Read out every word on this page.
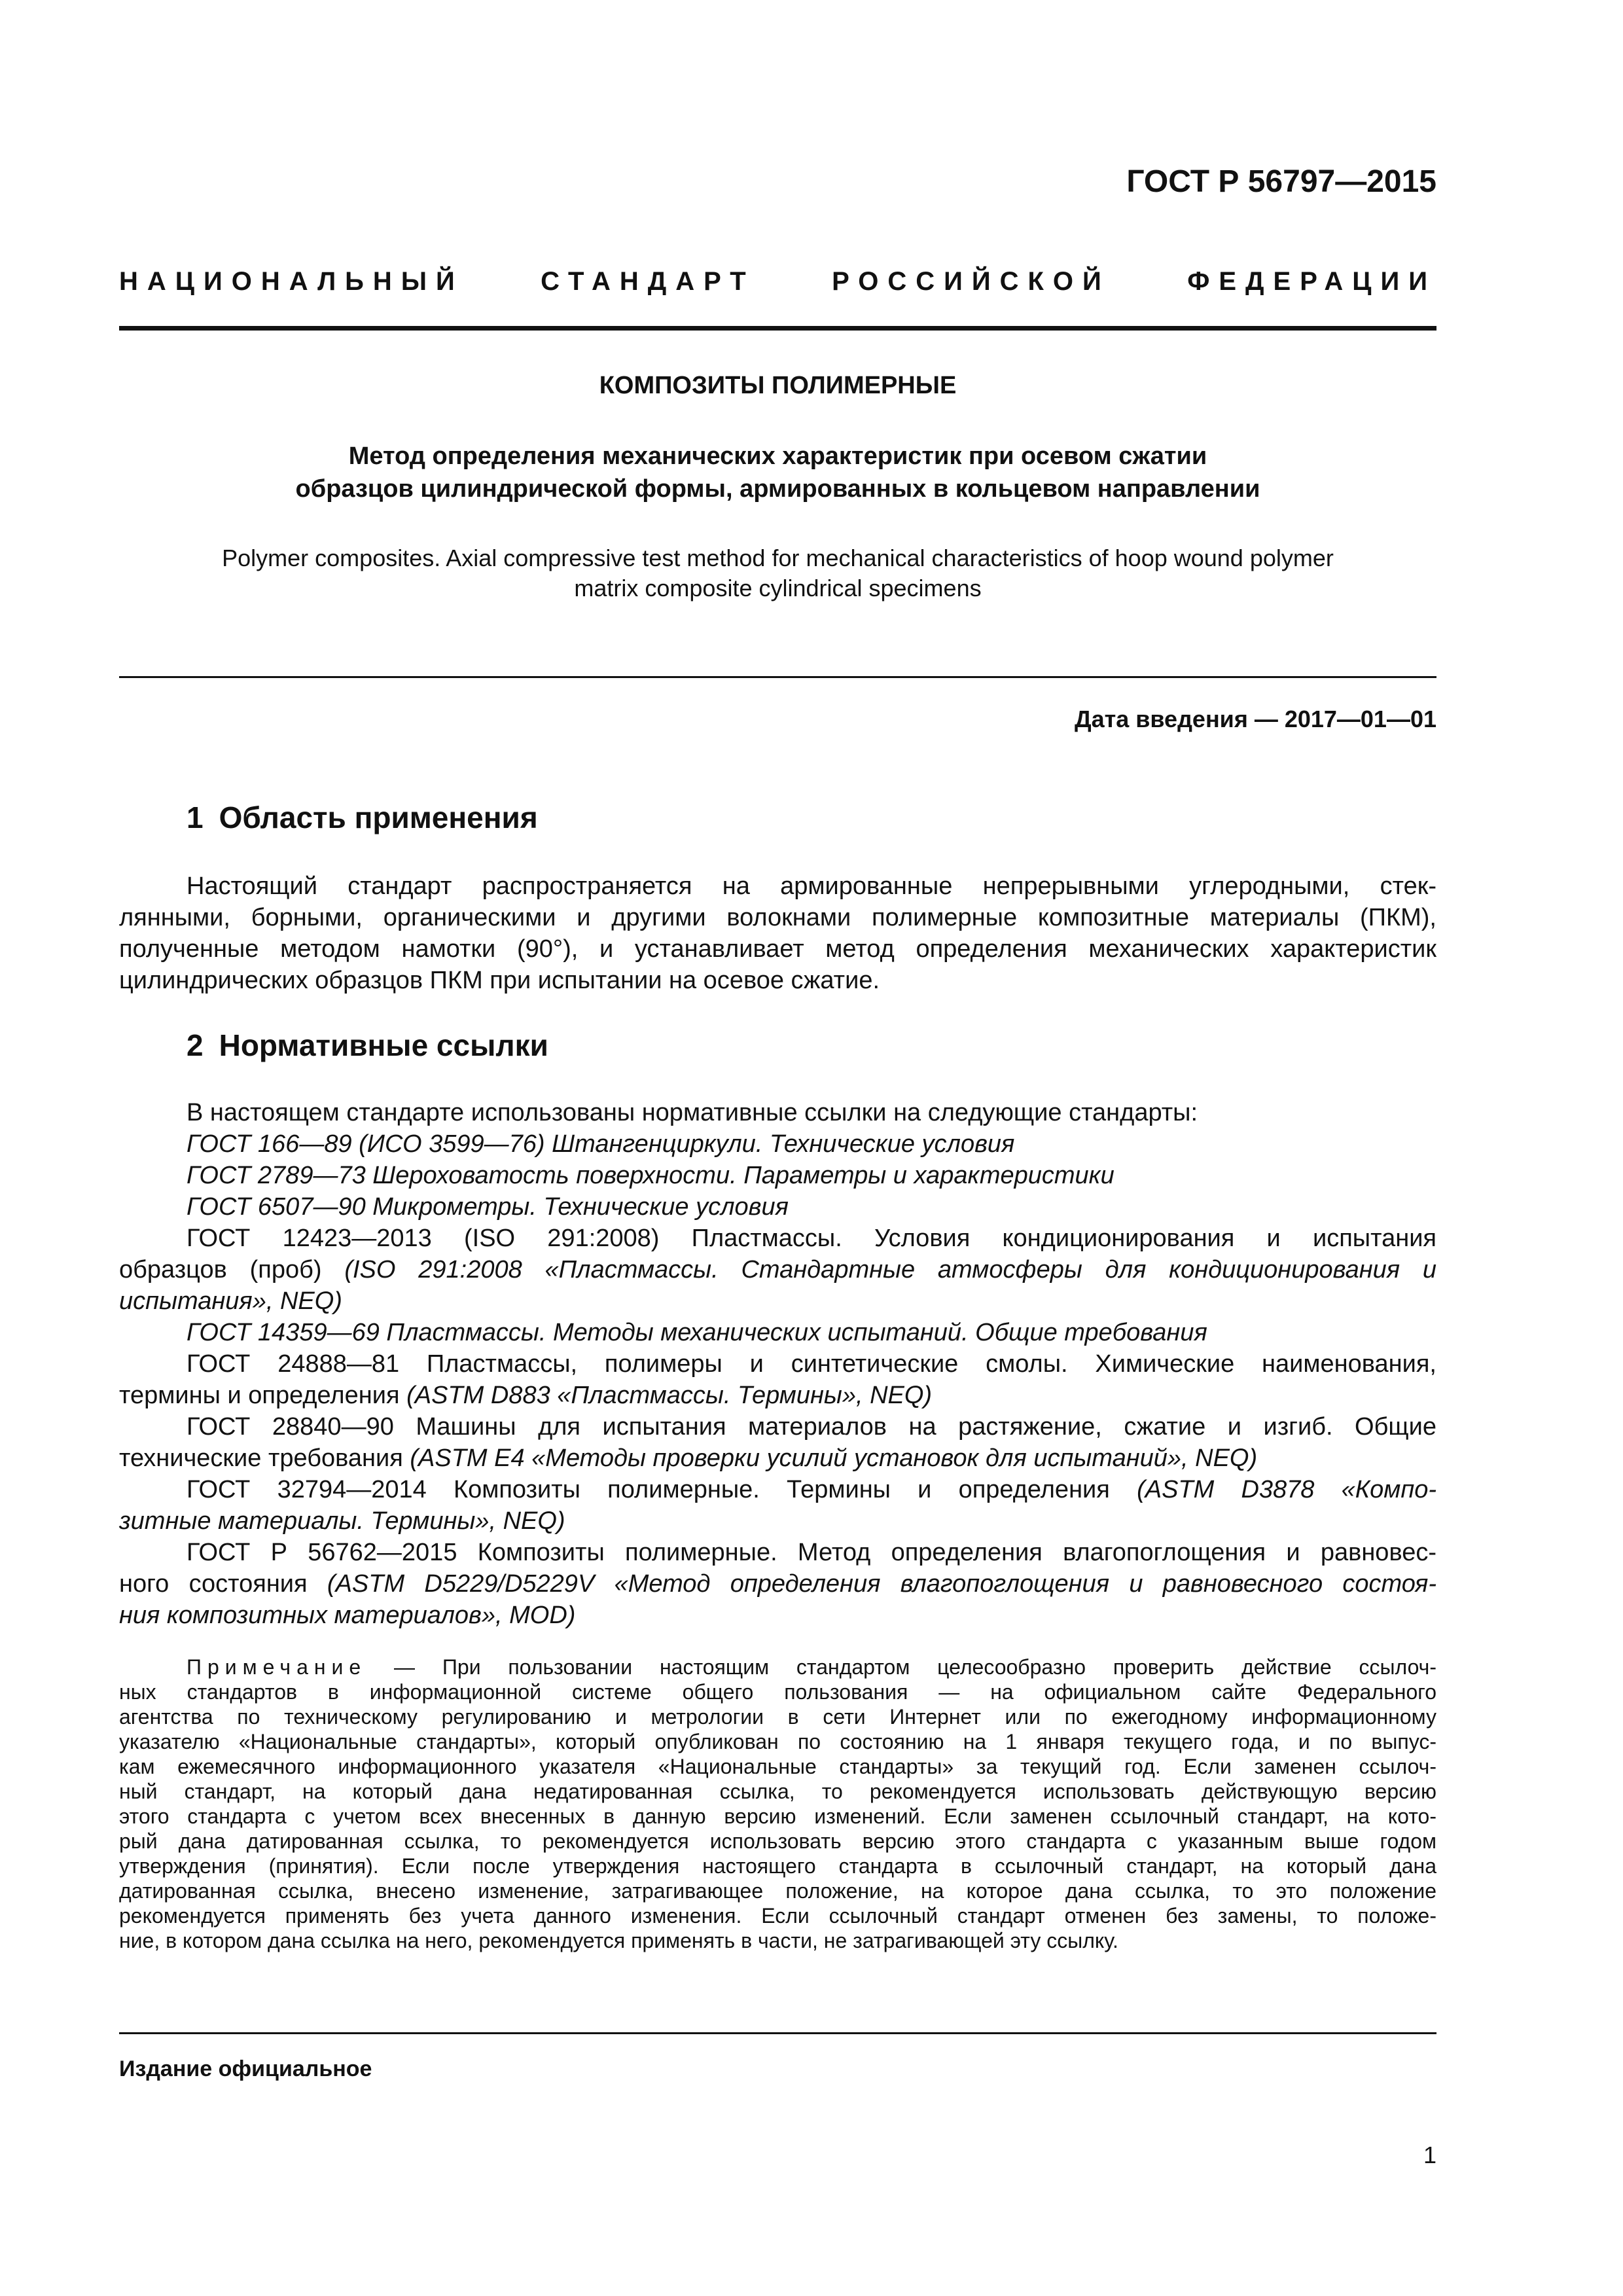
ГОСТ Р 56797—2015
НАЦИОНАЛЬНЫЙ	СТАНДАРТ	РОССИЙСКОЙ	ФЕДЕРАЦИИ
КОМПОЗИТЫ ПОЛИМЕРНЫЕ
Метод определения механических характеристик при осевом сжатии
образцов цилиндрической формы, армированных в кольцевом направлении
Polymer composites. Axial compressive test method for mechanical characteristics of hoop wound polymer
matrix composite cylindrical specimens
Дата введения — 2017—01—01
1 Область применения
Настоящий стандарт распространяется на армированные непрерывными углеродными, стек-
лянными, борными, органическими и другими волокнами полимерные композитные материалы (ПКМ),
полученные методом намотки (90°), и устанавливает метод определения механических характеристик
цилиндрических образцов ПКМ при испытании на осевое сжатие.
2 Нормативные ссылки
В настоящем стандарте использованы нормативные ссылки на следующие стандарты:
ГОСТ 166—89 (ИСО 3599—76) Штангенциркули. Технические условия
ГОСТ 2789—73 Шероховатость поверхности. Параметры и характеристики
ГОСТ 6507—90 Микрометры. Технические условия
ГОСТ 12423—2013 (ISO 291:2008) Пластмассы. Условия кондиционирования и испытания
образцов (проб) (ISO 291:2008 «Пластмассы. Стандартные атмосферы для кондиционирования и
испытания», NEQ)
ГОСТ 14359—69 Пластмассы. Методы механических испытаний. Общие требования
ГОСТ 24888—81 Пластмассы, полимеры и синтетические смолы. Химические наименования,
термины и определения (ASTM D883 «Пластмассы. Термины», NEQ)
ГОСТ 28840—90 Машины для испытания материалов на растяжение, сжатие и изгиб. Общие
технические требования (ASTM E4 «Методы проверки усилий установок для испытаний», NEQ)
ГОСТ 32794—2014 Композиты полимерные. Термины и определения (ASTM D3878 «Компо-
зитные материалы. Термины», NEQ)
ГОСТ Р 56762—2015 Композиты полимерные. Метод определения влагопоглощения и равновес-
ного состояния (ASTM D5229/D5229V «Метод определения влагопоглощения и равновесного состоя-
ния композитных материалов», MOD)
Примечание — При пользовании настоящим стандартом целесообразно проверить действие ссылоч-
ных стандартов в информационной системе общего пользования — на официальном сайте Федерального
агентства по техническому регулированию и метрологии в сети Интернет или по ежегодному информационному
указателю «Национальные стандарты», который опубликован по состоянию на 1 января текущего года, и по выпус-
кам ежемесячного информационного указателя «Национальные стандарты» за текущий год. Если заменен ссылоч-
ный стандарт, на который дана недатированная ссылка, то рекомендуется использовать действующую версию
этого стандарта с учетом всех внесенных в данную версию изменений. Если заменен ссылочный стандарт, на кото-
рый дана датированная ссылка, то рекомендуется использовать версию этого стандарта с указанным выше годом
утверждения (принятия). Если после утверждения настоящего стандарта в ссылочный стандарт, на который дана
датированная ссылка, внесено изменение, затрагивающее положение, на которое дана ссылка, то это положение
рекомендуется применять без учета данного изменения. Если ссылочный стандарт отменен без замены, то положе-
ние, в котором дана ссылка на него, рекомендуется применять в части, не затрагивающей эту ссылку.
Издание официальное
1
